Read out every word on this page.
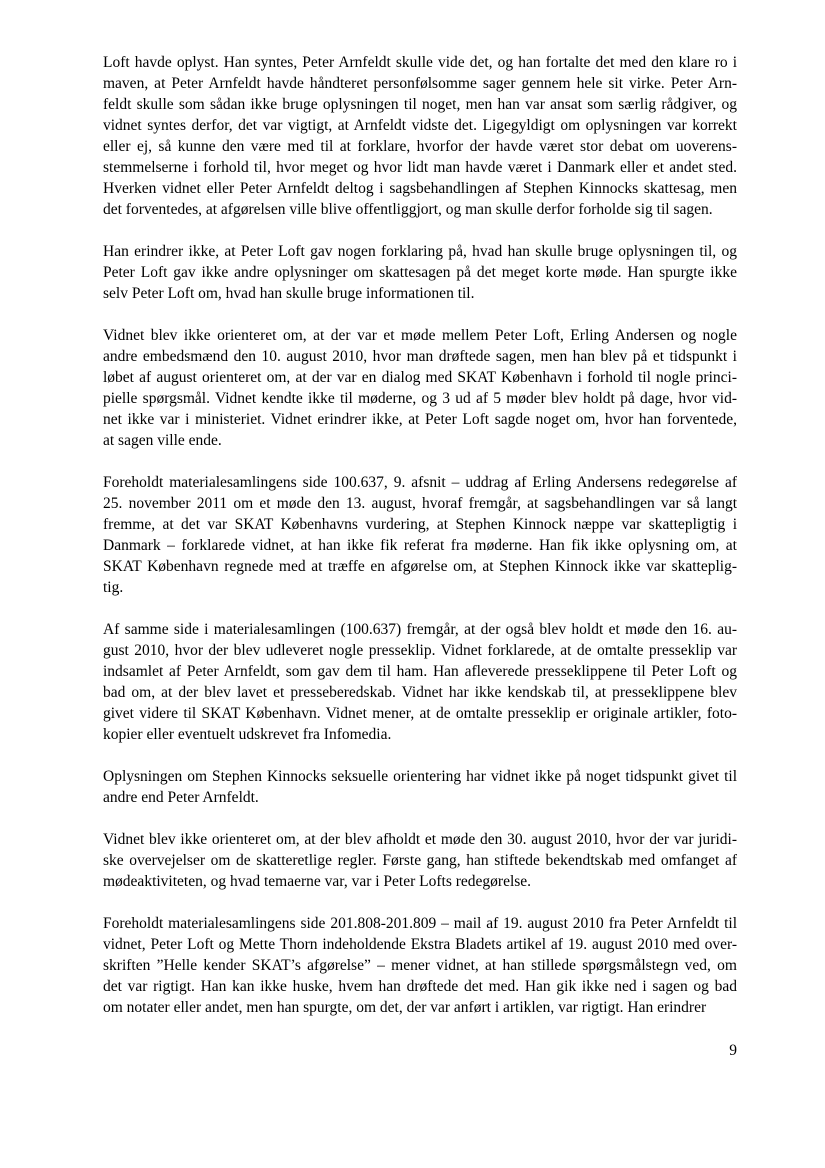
Loft havde oplyst. Han syntes, Peter Arnfeldt skulle vide det, og han fortalte det med den klare ro i
maven, at Peter Arnfeldt havde håndteret personfølsomme sager gennem hele sit virke. Peter Arn-
feldt skulle som sådan ikke bruge oplysningen til noget, men han var ansat som særlig rådgiver, og
vidnet syntes derfor, det var vigtigt, at Arnfeldt vidste det. Ligegyldigt om oplysningen var korrekt
eller ej, så kunne den være med til at forklare, hvorfor der havde været stor debat om uoverens-
stemmelserne i forhold til, hvor meget og hvor lidt man havde været i Danmark eller et andet sted.
Hverken vidnet eller Peter Arnfeldt deltog i sagsbehandlingen af Stephen Kinnocks skattesag, men
det forventedes, at afgørelsen ville blive offentliggjort, og man skulle derfor forholde sig til sagen.
Han erindrer ikke, at Peter Loft gav nogen forklaring på, hvad han skulle bruge oplysningen til, og
Peter Loft gav ikke andre oplysninger om skattesagen på det meget korte møde. Han spurgte ikke
selv Peter Loft om, hvad han skulle bruge informationen til.
Vidnet blev ikke orienteret om, at der var et møde mellem Peter Loft, Erling Andersen og nogle
andre embedsmænd den 10. august 2010, hvor man drøftede sagen, men han blev på et tidspunkt i
løbet af august orienteret om, at der var en dialog med SKAT København i forhold til nogle princi-
pielle spørgsmål. Vidnet kendte ikke til møderne, og 3 ud af 5 møder blev holdt på dage, hvor vid-
net ikke var i ministeriet. Vidnet erindrer ikke, at Peter Loft sagde noget om, hvor han forventede,
at sagen ville ende.
Foreholdt materialesamlingens side 100.637, 9. afsnit – uddrag af Erling Andersens redegørelse af
25. november 2011 om et møde den 13. august, hvoraf fremgår, at sagsbehandlingen var så langt
fremme, at det var SKAT Københavns vurdering, at Stephen Kinnock næppe var skattepligtig i
Danmark – forklarede vidnet, at han ikke fik referat fra møderne. Han fik ikke oplysning om, at
SKAT København regnede med at træffe en afgørelse om, at Stephen Kinnock ikke var skatteplig-
tig.
Af samme side i materialesamlingen (100.637) fremgår, at der også blev holdt et møde den 16. au-
gust 2010, hvor der blev udleveret nogle presseklip. Vidnet forklarede, at de omtalte presseklip var
indsamlet af Peter Arnfeldt, som gav dem til ham. Han afleverede presseklippene til Peter Loft og
bad om, at der blev lavet et presseberedskab. Vidnet har ikke kendskab til, at presseklippene blev
givet videre til SKAT København. Vidnet mener, at de omtalte presseklip er originale artikler, foto-
kopier eller eventuelt udskrevet fra Infomedia.
Oplysningen om Stephen Kinnocks seksuelle orientering har vidnet ikke på noget tidspunkt givet til
andre end Peter Arnfeldt.
Vidnet blev ikke orienteret om, at der blev afholdt et møde den 30. august 2010, hvor der var juridi-
ske overvejelser om de skatteretlige regler. Første gang, han stiftede bekendtskab med omfanget af
mødeaktiviteten, og hvad temaerne var, var i Peter Lofts redegørelse.
Foreholdt materialesamlingens side 201.808-201.809 – mail af 19. august 2010 fra Peter Arnfeldt til
vidnet, Peter Loft og Mette Thorn indeholdende Ekstra Bladets artikel af 19. august 2010 med over-
skriften ”Helle kender SKAT’s afgørelse” – mener vidnet, at han stillede spørgsmålstegn ved, om
det var rigtigt. Han kan ikke huske, hvem han drøftede det med. Han gik ikke ned i sagen og bad
om notater eller andet, men han spurgte, om det, der var anført i artiklen, var rigtigt. Han erindrer
9
